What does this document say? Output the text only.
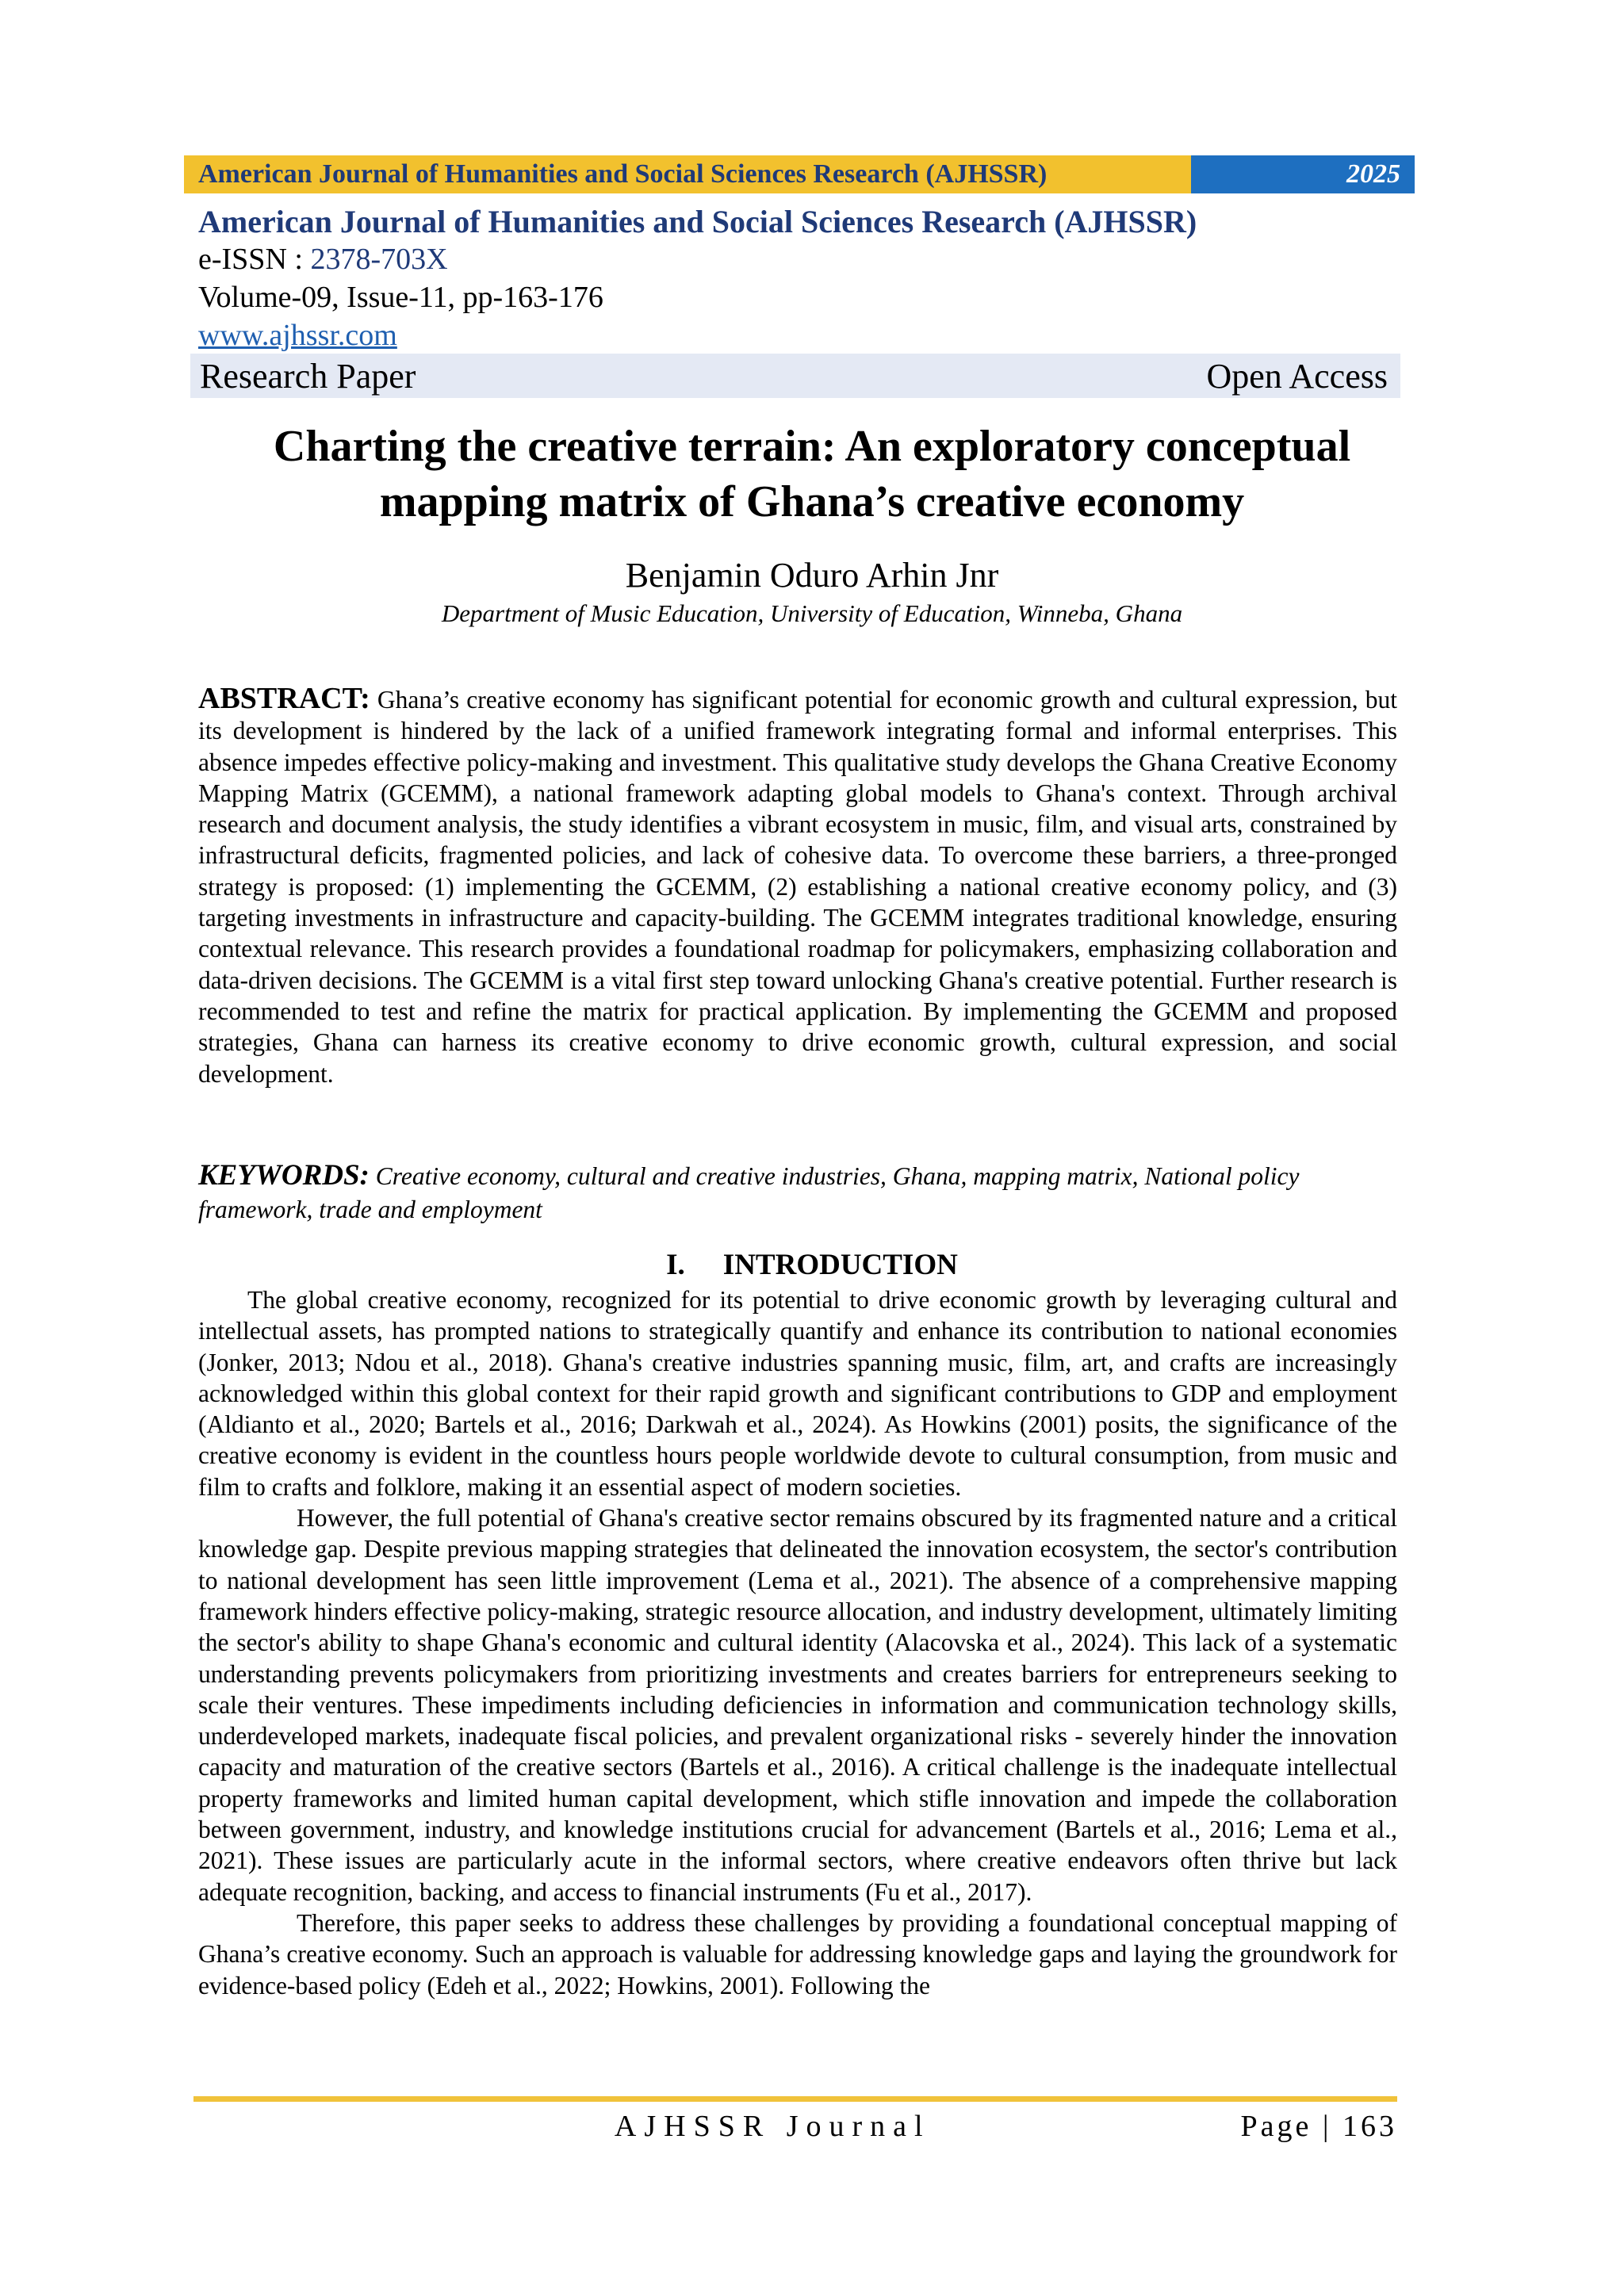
American Journal of Humanities and Social Sciences Research (AJHSSR)	2025
American Journal of Humanities and Social Sciences Research (AJHSSR)
e-ISSN : 2378-703X
Volume-09, Issue-11, pp-163-176
www.ajhssr.com
Research Paper	Open Access
Charting the creative terrain: An exploratory conceptual
mapping matrix of Ghana’s creative economy
Benjamin Oduro Arhin Jnr
Department of Music Education, University of Education, Winneba, Ghana
ABSTRACT: Ghana’s creative economy has significant potential for economic growth and cultural expression, but its development is hindered by the lack of a unified framework integrating formal and informal enterprises. This absence impedes effective policy-making and investment. This qualitative study develops the Ghana Creative Economy Mapping Matrix (GCEMM), a national framework adapting global models to Ghana's context. Through archival research and document analysis, the study identifies a vibrant ecosystem in music, film, and visual arts, constrained by infrastructural deficits, fragmented policies, and lack of cohesive data. To overcome these barriers, a three-pronged strategy is proposed: (1) implementing the GCEMM, (2) establishing a national creative economy policy, and (3) targeting investments in infrastructure and capacity-building. The GCEMM integrates traditional knowledge, ensuring contextual relevance. This research provides a foundational roadmap for policymakers, emphasizing collaboration and data-driven decisions. The GCEMM is a vital first step toward unlocking Ghana's creative potential. Further research is recommended to test and refine the matrix for practical application. By implementing the GCEMM and proposed strategies, Ghana can harness its creative economy to drive economic growth, cultural expression, and social development.
KEYWORDS: Creative economy, cultural and creative industries, Ghana, mapping matrix, National policy framework, trade and employment
I. INTRODUCTION

The global creative economy, recognized for its potential to drive economic growth by leveraging cultural and intellectual assets, has prompted nations to strategically quantify and enhance its contribution to national economies (Jonker, 2013; Ndou et al., 2018). Ghana's creative industries spanning music, film, art, and crafts are increasingly acknowledged within this global context for their rapid growth and significant contributions to GDP and employment (Aldianto et al., 2020; Bartels et al., 2016; Darkwah et al., 2024). As Howkins (2001) posits, the significance of the creative economy is evident in the countless hours people worldwide devote to cultural consumption, from music and film to crafts and folklore, making it an essential aspect of modern societies.

However, the full potential of Ghana's creative sector remains obscured by its fragmented nature and a critical knowledge gap. Despite previous mapping strategies that delineated the innovation ecosystem, the sector's contribution to national development has seen little improvement (Lema et al., 2021). The absence of a comprehensive mapping framework hinders effective policy-making, strategic resource allocation, and industry development, ultimately limiting the sector's ability to shape Ghana's economic and cultural identity (Alacovska et al., 2024). This lack of a systematic understanding prevents policymakers from prioritizing investments and creates barriers for entrepreneurs seeking to scale their ventures. These impediments including deficiencies in information and communication technology skills, underdeveloped markets, inadequate fiscal policies, and prevalent organizational risks - severely hinder the innovation capacity and maturation of the creative sectors (Bartels et al., 2016). A critical challenge is the inadequate intellectual property frameworks and limited human capital development, which stifle innovation and impede the collaboration between government, industry, and knowledge institutions crucial for advancement (Bartels et al., 2016; Lema et al., 2021). These issues are particularly acute in the informal sectors, where creative endeavors often thrive but lack adequate recognition, backing, and access to financial instruments (Fu et al., 2017).

Therefore, this paper seeks to address these challenges by providing a foundational conceptual mapping of Ghana’s creative economy. Such an approach is valuable for addressing knowledge gaps and laying the groundwork for evidence-based policy (Edeh et al., 2022; Howkins, 2001). Following the

AJHSSR Journal	Page | 163
